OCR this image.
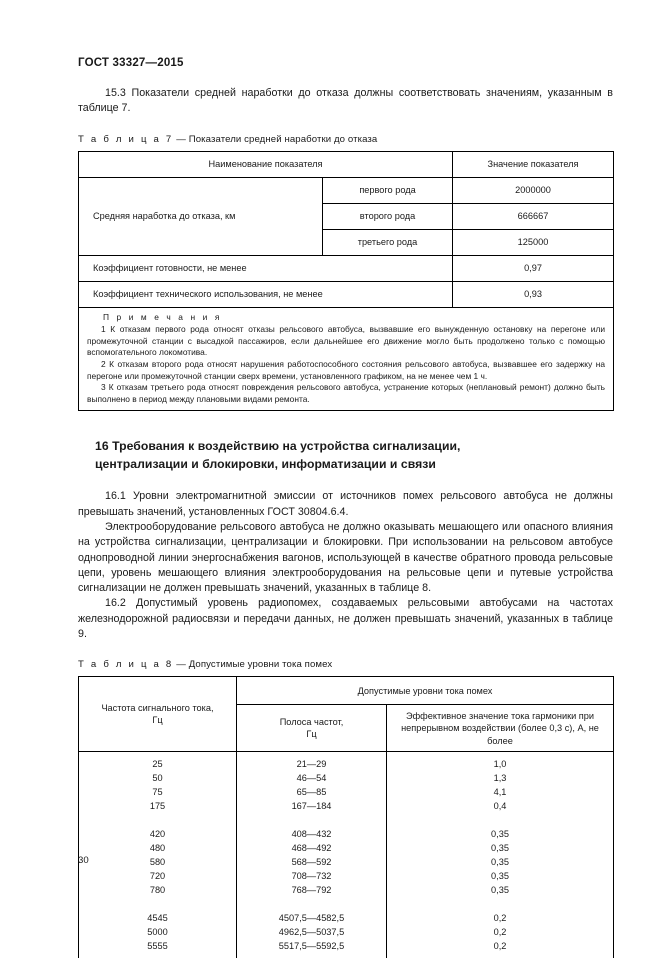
ГОСТ 33327—2015

15.3 Показатели средней наработки до отказа должны соответствовать значениям, указанным в таблице 7.

Т а б л и ц а 7 — Показатели средней наработки до отказа
Наименование показателя		Значение показателя
Средняя наработка до отказа, км	первого рода	2000000
	второго рода	666667
	третьего рода	125000
Коэффициент готовности, не менее		0,97
Коэффициент технического использования, не менее		0,93

П р и м е ч а н и я

1 К отказам первого рода относят отказы рельсового автобуса, вызвавшие его вынужденную остановку на перегоне или промежуточной станции с высадкой пассажиров, если дальнейшее его движение могло быть продолжено только с помощью вспомогательного локомотива.

2 К отказам второго рода относят нарушения работоспособного состояния рельсового автобуса, вызвавшее его задержку на перегоне или промежуточной станции сверх времени, установленного графиком, на не менее чем 1 ч.

3 К отказам третьего рода относят повреждения рельсового автобуса, устранение которых (неплановый ремонт) должно быть выполнено в период между плановыми видами ремонта.		

16 Требования к воздействию на устройства сигнализации,
централизации и блокировки, информатизации и связи

16.1 Уровни электромагнитной эмиссии от источников помех рельсового автобуса не должны превышать значений, установленных ГОСТ 30804.6.4.

Электрооборудование рельсового автобуса не должно оказывать мешающего или опасного влияния на устройства сигнализации, централизации и блокировки. При использовании на рельсовом автобусе однопроводной линии энергоснабжения вагонов, использующей в качестве обратного провода рельсовые цепи, уровень мешающего влияния электрооборудования на рельсовые цепи и путевые устройства сигнализации не должен превышать значений, указанных в таблице 8.

16.2 Допустимый уровень радиопомех, создаваемых рельсовыми автобусами на частотах железнодорожной радиосвязи и передачи данных, не должен превышать значений, указанных в таблице 9.

Т а б л и ц а 8 — Допустимые уровни тока помех
Частота сигнального тока,
Гц	Допустимые уровни тока помех	
	Полоса частот,
Гц	Эффективное значение тока гармоники при
непрерывном воздействии (более 0,3 с), А, не более
25	21—29	1,0
50	46—54	1,3
75	65—85	4,1
175	167—184	0,4

420	408—432	0,35
480	468—492	0,35
580	568—592	0,35
720	708—732	0,35
780	768—792	0,35

4545	4507,5—4582,5	0,2
5000	4962,5—5037,5	0,2
5555	5517,5—5592,5	0,2
30
